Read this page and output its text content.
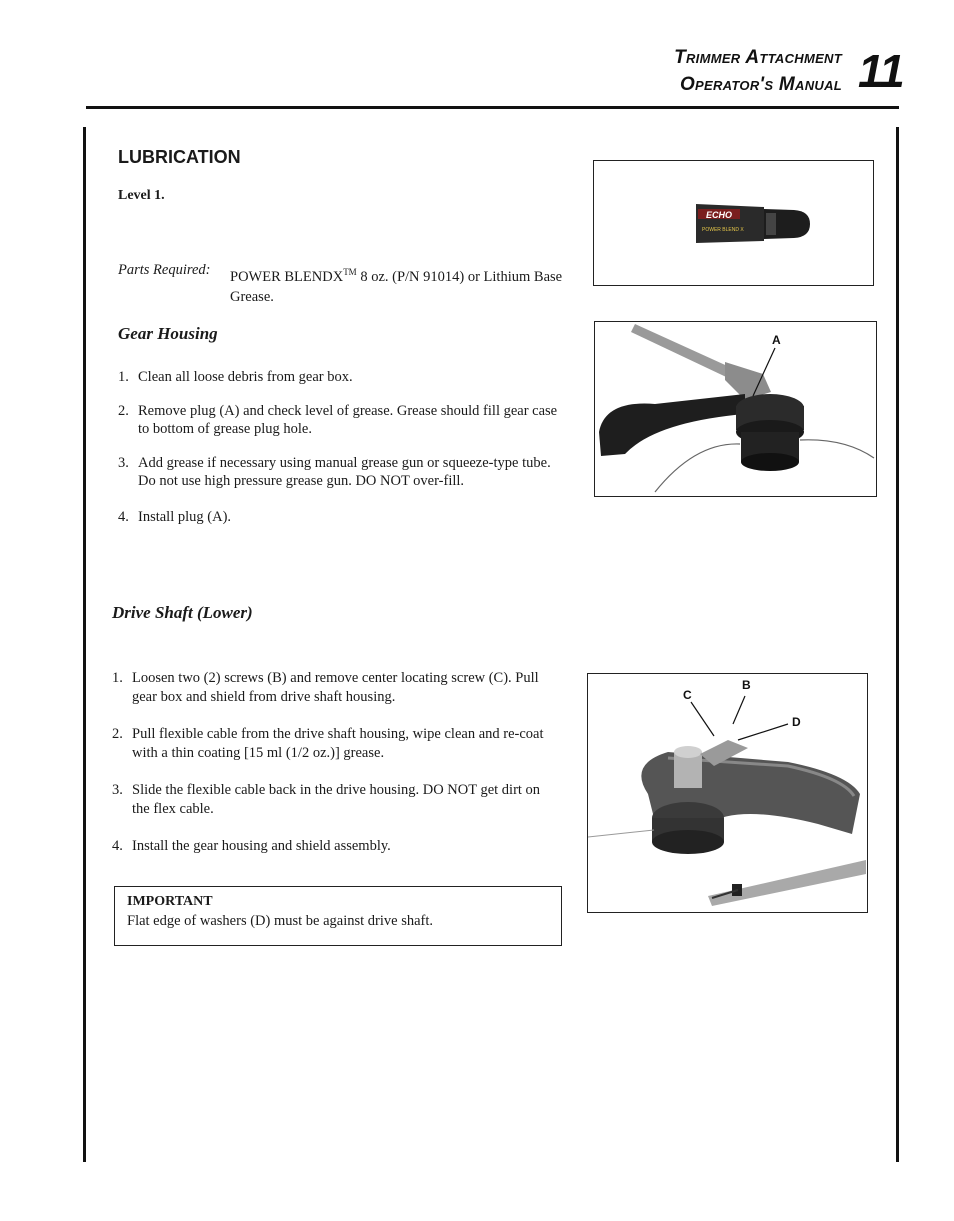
Trimmer Attachment
Operator's Manual 11
LUBRICATION
Level 1.
Parts Required: POWER BLENDX™ 8 oz. (P/N 91014) or Lithium Base Grease.
ECHO
POWER BLEND X
Gear Housing
1. Clean all loose debris from gear box.
2. Remove plug (A) and check level of grease. Grease should fill gear case to bottom of grease plug hole.
3. Add grease if necessary using manual grease gun or squeeze-type tube. Do not use high pressure grease gun. DO NOT over-fill.
4. Install plug (A).
A
Drive Shaft (Lower)
1. Loosen two (2) screws (B) and remove center locating screw (C). Pull gear box and shield from drive shaft housing.
2. Pull flexible cable from the drive shaft housing, wipe clean and re-coat with a thin coating [15 ml (1/2 oz.)] grease.
3. Slide the flexible cable back in the drive housing. DO NOT get dirt on the flex cable.
4. Install the gear housing and shield assembly.
C
B
D
IMPORTANT
Flat edge of washers (D) must be against drive shaft.
